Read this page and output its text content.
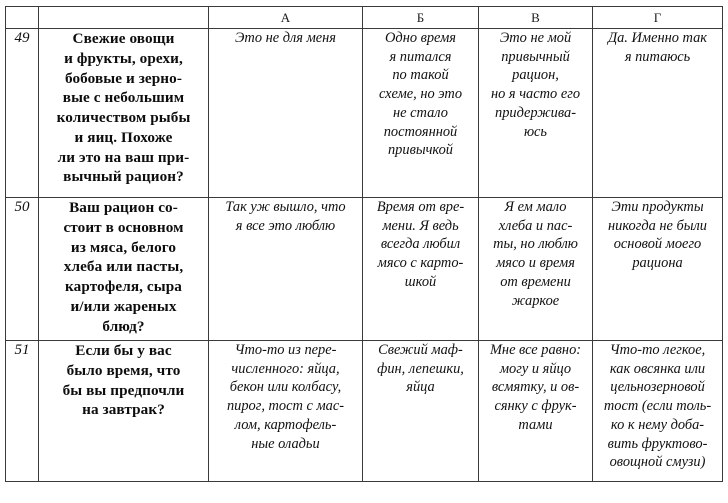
		А	Б	В	Г
49	Свежие овощи
и фрукты, орехи,
бобовые и зерно-
вые с небольшим
количеством рыбы
и яиц. Похоже
ли это на ваш при-
вычный рацион?	Это не для меня	Одно время
я питался
по такой
схеме, но это
не стало
постоянной
привычкой	Это не мой
привычный
рацион,
но я часто его
придержива-
юсь	Да. Именно так
я питаюсь
50	Ваш рацион со-
стоит в основном
из мяса, белого
хлеба или пасты,
картофеля, сыра
и/или жареных
блюд?	Так уж вышло, что
я все это люблю	Время от вре-
мени. Я ведь
всегда любил
мясо с карто-
шкой	Я ем мало
хлеба и пас-
ты, но люблю
мясо и время
от времени
жаркое	Эти продукты
никогда не были
основой моего
рациона
51	Если бы у вас
было время, что
бы вы предпочли
на завтрак?	Что-то из пере-
численного: яйца,
бекон или колбасу,
пирог, тост с мас-
лом, картофель-
ные оладьи	Свежий маф-
фин, лепешки,
яйца	Мне все равно:
могу и яйцо
всмятку, и ов-
сянку с фрук-
тами	Что-то легкое,
как овсянка или
цельнозерновой
тост (если толь-
ко к нему доба-
вить фруктово-
овощной смузи)
